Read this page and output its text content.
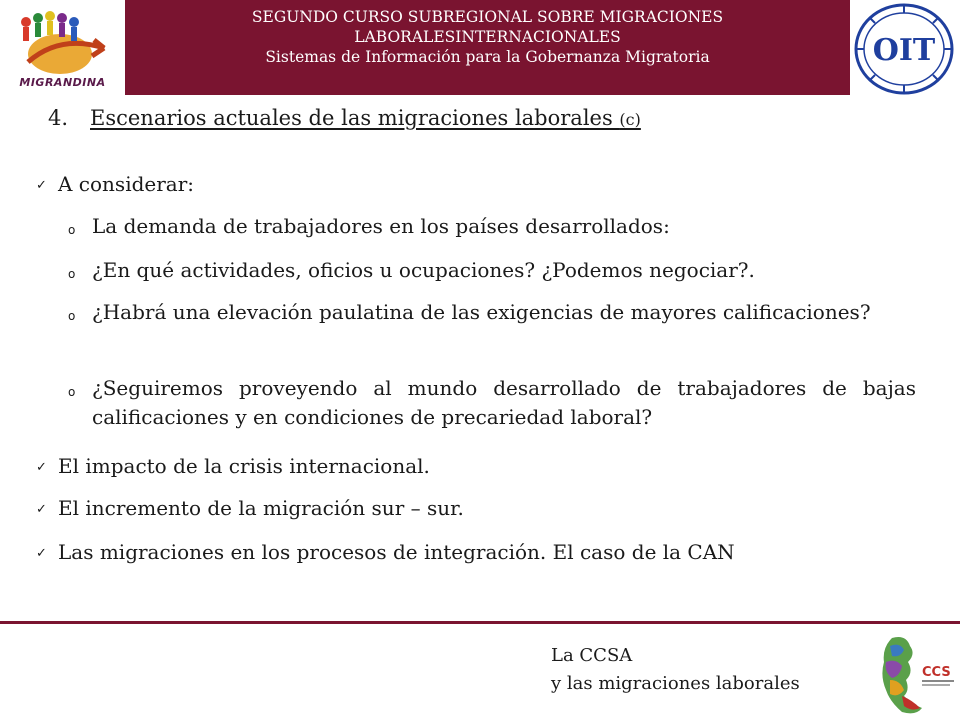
MIGRANDINA
SEGUNDO CURSO SUBREGIONAL SOBRE MIGRACIONES
LABORALESINTERNACIONALES
Sistemas de Información para la Gobernanza Migratoria	OIT
4. Escenarios actuales de las migraciones laborales (c)
✓ A considerar:
o La demanda de trabajadores en los países desarrollados:
o ¿En qué actividades, oficios u ocupaciones? ¿Podemos negociar?.
o ¿Habrá una elevación paulatina de las exigencias de mayores calificaciones?
o ¿Seguiremos proveyendo al mundo desarrollado de trabajadores de bajas calificaciones y en condiciones de precariedad laboral?
✓ El impacto de la crisis internacional.
✓ El incremento de la migración sur – sur.
✓ Las migraciones en los procesos de integración. El caso de la CAN
La CCSA
y las migraciones laborales
CCS
